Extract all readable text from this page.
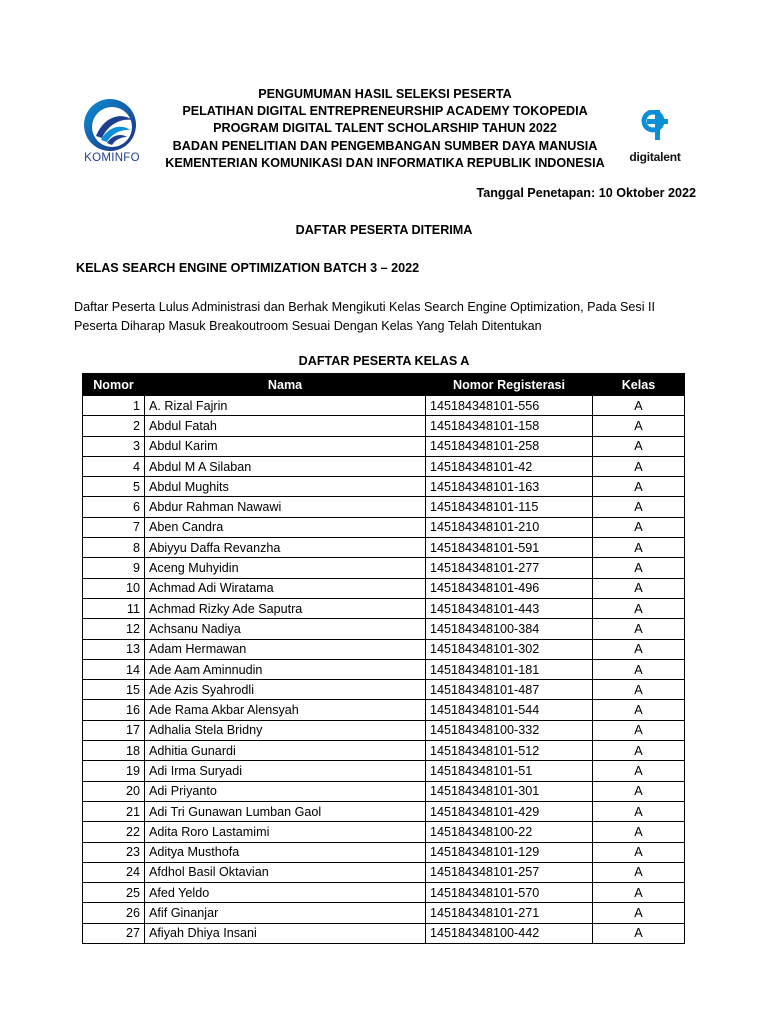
KOMINFO	digitalent
PENGUMUMAN HASIL SELEKSI PESERTA
PELATIHAN DIGITAL ENTREPRENEURSHIP ACADEMY TOKOPEDIA
PROGRAM DIGITAL TALENT SCHOLARSHIP TAHUN 2022
BADAN PENELITIAN DAN PENGEMBANGAN SUMBER DAYA MANUSIA
KEMENTERIAN KOMUNIKASI DAN INFORMATIKA REPUBLIK INDONESIA
Tanggal Penetapan: 10 Oktober 2022
DAFTAR PESERTA DITERIMA
KELAS SEARCH ENGINE OPTIMIZATION BATCH 3 – 2022
Daftar Peserta Lulus Administrasi dan Berhak Mengikuti Kelas Search Engine Optimization, Pada Sesi II
Peserta Diharap Masuk Breakoutroom Sesuai Dengan Kelas Yang Telah Ditentukan
DAFTAR PESERTA KELAS A
Nomor	Nama	Nomor Registerasi	Kelas
1	A. Rizal Fajrin	145184348101-556	A
2	Abdul Fatah	145184348101-158	A
3	Abdul Karim	145184348101-258	A
4	Abdul M A Silaban	145184348101-42	A
5	Abdul Mughits	145184348101-163	A
6	Abdur Rahman Nawawi	145184348101-115	A
7	Aben Candra	145184348101-210	A
8	Abiyyu Daffa Revanzha	145184348101-591	A
9	Aceng Muhyidin	145184348101-277	A
10	Achmad Adi Wiratama	145184348101-496	A
11	Achmad Rizky Ade Saputra	145184348101-443	A
12	Achsanu Nadiya	145184348100-384	A
13	Adam Hermawan	145184348101-302	A
14	Ade Aam Aminnudin	145184348101-181	A
15	Ade Azis Syahrodli	145184348101-487	A
16	Ade Rama Akbar Alensyah	145184348101-544	A
17	Adhalia Stela Bridny	145184348100-332	A
18	Adhitia Gunardi	145184348101-512	A
19	Adi Irma Suryadi	145184348101-51	A
20	Adi Priyanto	145184348101-301	A
21	Adi Tri Gunawan Lumban Gaol	145184348101-429	A
22	Adita Roro Lastamimi	145184348100-22	A
23	Aditya Musthofa	145184348101-129	A
24	Afdhol Basil Oktavian	145184348101-257	A
25	Afed Yeldo	145184348101-570	A
26	Afif Ginanjar	145184348101-271	A
27	Afiyah Dhiya Insani	145184348100-442	A
